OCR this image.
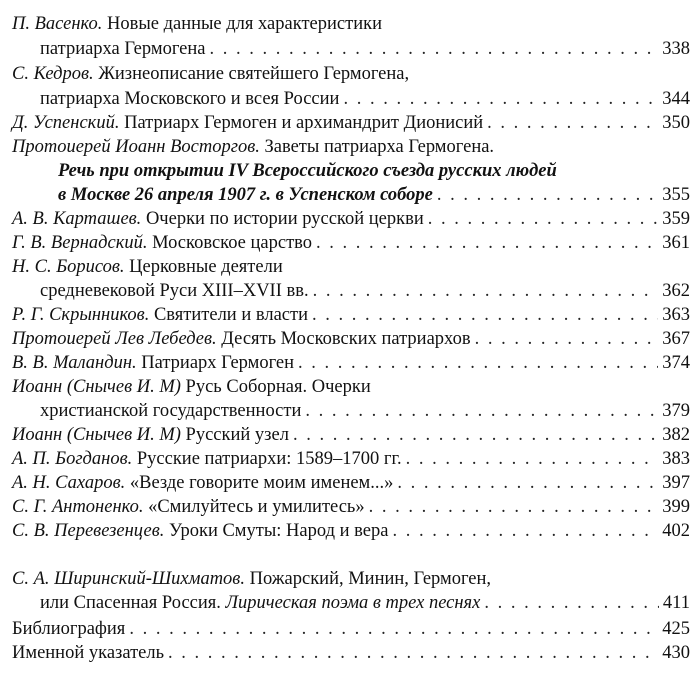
П. Васенко. Новые данные для характеристики
патриарха Гермогена . . .	338
С. Кедров. Жизнеописание святейшего Гермогена,
патриарха Московского и всея России . . .	344
Д. Успенский. Патриарх Гермоген и архимандрит Дионисий . . .	350
Протоиерей Иоанн Восторгов. Заветы патриарха Гермогена.
Речь при открытии IV Всероссийского съезда русских людей
в Москве 26 апреля 1907 г. в Успенском соборе . . .	355
А. В. Карташев. Очерки по истории русской церкви . . .	359
Г. В. Вернадский. Московское царство . . .	361
Н. С. Борисов. Церковные деятели
средневековой Руси XIII–XVII вв. . . .	362
Р. Г. Скрынников. Святители и власти . . .	363
Протоиерей Лев Лебедев. Десять Московских патриархов . . .	367
В. В. Маландин. Патриарх Гермоген . . .	374
Иоанн (Снычев И. М) Русь Соборная. Очерки
христианской государственности . . .	379
Иоанн (Снычев И. М) Русский узел . . .	382
А. П. Богданов. Русские патриархи: 1589–1700 гг. . . .	383
А. Н. Сахаров. «Везде говорите моим именем...» . . .	397
С. Г. Антоненко. «Смилуйтесь и умилитесь» . . .	399
С. В. Перевезенцев. Уроки Смуты: Народ и вера . . .	402
С. А. Ширинский-Шихматов. Пожарский, Минин, Гермоген,
или Спасенная Россия. Лирическая поэма в трех песнях . . .	411
Библиография . . .	425
Именной указатель . . .	430
